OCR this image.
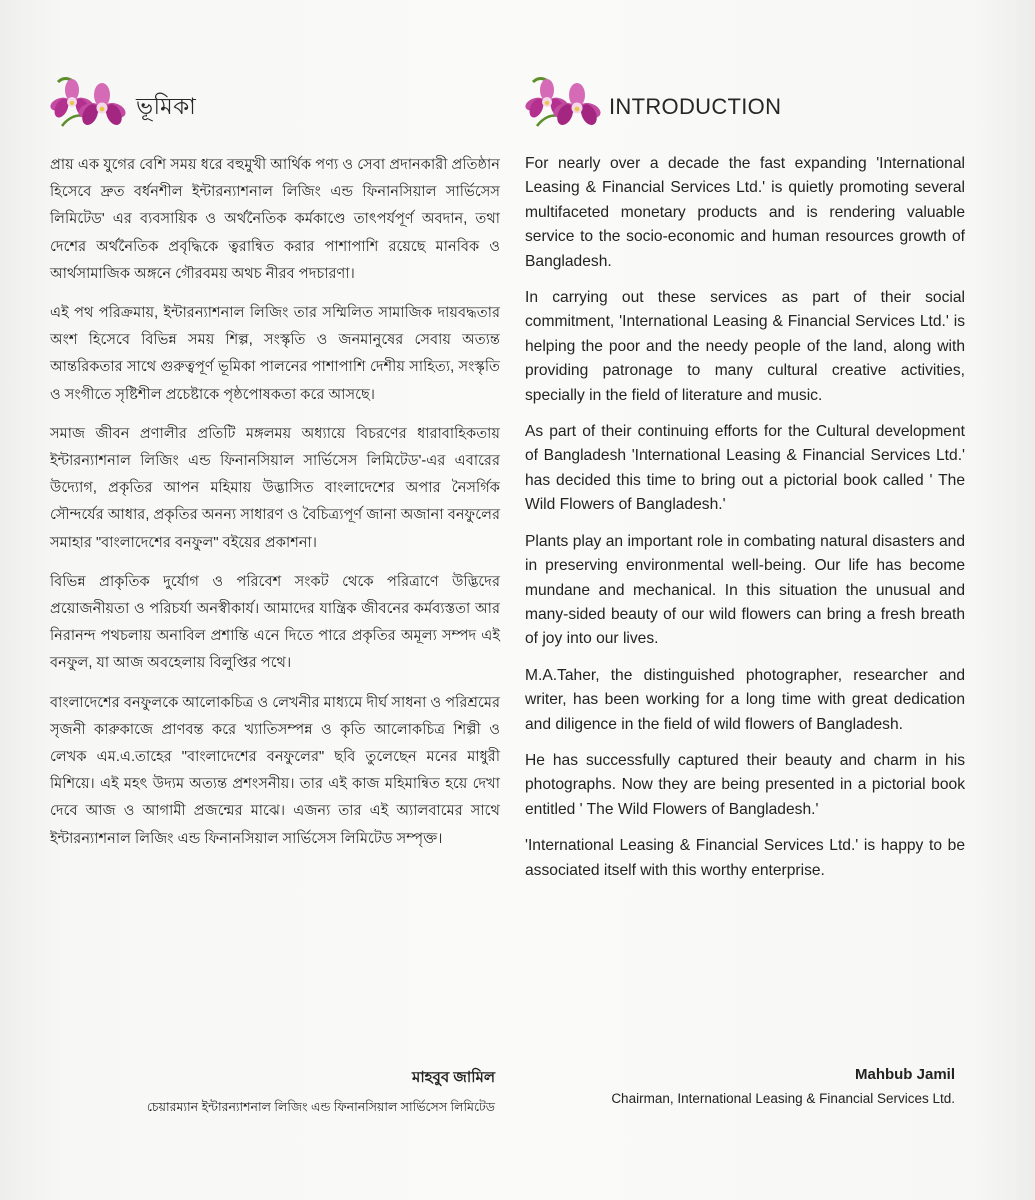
ভূমিকা

প্রায় এক যুগের বেশি সময় ধরে বহুমুখী আর্থিক পণ্য ও সেবা প্রদানকারী প্রতিষ্ঠান হিসেবে দ্রুত বর্ধনশীল ইন্টারন্যাশনাল লিজিং এন্ড ফিনানসিয়াল সার্ভিসেস লিমিটেড' এর ব্যবসায়িক ও অর্থনৈতিক কর্মকাণ্ডে তাৎপর্যপূর্ণ অবদান, তথা দেশের অর্থনৈতিক প্রবৃদ্ধিকে ত্বরান্বিত করার পাশাপাশি রয়েছে মানবিক ও আর্থসামাজিক অঙ্গনে গৌরবময় অথচ নীরব পদচারণা।

এই পথ পরিক্রমায়, ইন্টারন্যাশনাল লিজিং তার সম্মিলিত সামাজিক দায়বদ্ধতার অংশ হিসেবে বিভিন্ন সময় শিল্প, সংস্কৃতি ও জনমানুষের সেবায় অত্যন্ত আন্তরিকতার সাথে গুরুত্বপূর্ণ ভূমিকা পালনের পাশাপাশি দেশীয় সাহিত্য, সংস্কৃতি ও সংগীতে সৃষ্টিশীল প্রচেষ্টাকে পৃষ্ঠপোষকতা করে আসছে।

সমাজ জীবন প্রণালীর প্রতিটি মঙ্গলময় অধ্যায়ে বিচরণের ধারাবাহিকতায় ইন্টারন্যাশনাল লিজিং এন্ড ফিনানসিয়াল সার্ভিসেস লিমিটেড'-এর এবারের উদ্যোগ, প্রকৃতির আপন মহিমায় উদ্ভাসিত বাংলাদেশের অপার নৈসর্গিক সৌন্দর্যের আধার, প্রকৃতির অনন্য সাধারণ ও বৈচিত্র্যপূর্ণ জানা অজানা বনফুলের সমাহার "বাংলাদেশের বনফুল" বইয়ের প্রকাশনা।

বিভিন্ন প্রাকৃতিক দুর্যোগ ও পরিবেশ সংকট থেকে পরিত্রাণে উদ্ভিদের প্রয়োজনীয়তা ও পরিচর্যা অনস্বীকার্য। আমাদের যান্ত্রিক জীবনের কর্মব্যস্ততা আর নিরানন্দ পথচলায় অনাবিল প্রশান্তি এনে দিতে পারে প্রকৃতির অমূল্য সম্পদ এই বনফুল, যা আজ অবহেলায় বিলুপ্তির পথে।

বাংলাদেশের বনফুলকে আলোকচিত্র ও লেখনীর মাধ্যমে দীর্ঘ সাধনা ও পরিশ্রমের সৃজনী কারুকাজে প্রাণবন্ত করে খ্যাতিসম্পন্ন ও কৃতি আলোকচিত্র শিল্পী ও লেখক এম.এ.তাহের "বাংলাদেশের বনফুলের" ছবি তুলেছেন মনের মাধুরী মিশিয়ে। এই মহৎ উদ্যম অত্যন্ত প্রশংসনীয়। তার এই কাজ মহিমান্বিত হয়ে দেখা দেবে আজ ও আগামী প্রজন্মের মাঝে। এজন্য তার এই অ্যালবামের সাথে ইন্টারন্যাশনাল লিজিং এন্ড ফিনানসিয়াল সার্ভিসেস লিমিটেড সম্পৃক্ত।

মাহবুব জামিল
চেয়ারম্যান ইন্টারন্যাশনাল লিজিং এন্ড ফিনানসিয়াল সার্ভিসেস লিমিটেড
INTRODUCTION

For nearly over a decade the fast expanding 'International Leasing & Financial Services Ltd.' is quietly promoting several multifaceted monetary products and is rendering valuable service to the socio-economic and human resources growth of Bangladesh.

In carrying out these services as part of their social commitment, 'International Leasing & Financial Services Ltd.' is helping the poor and the needy people of the land, along with providing patronage to many cultural creative activities, specially in the field of literature and music.

As part of their continuing efforts for the Cultural development of Bangladesh 'International Leasing & Financial Services Ltd.' has decided this time to bring out a pictorial book called ' The Wild Flowers of Bangladesh.'

Plants play an important role in combating natural disasters and in preserving environmental well-being. Our life has become mundane and mechanical. In this situation the unusual and many-sided beauty of our wild flowers can bring a fresh breath of joy into our lives.

M.A.Taher, the distinguished photographer, researcher and writer, has been working for a long time with great dedication and diligence in the field of wild flowers of Bangladesh.

He has successfully captured their beauty and charm in his photographs. Now they are being presented in a pictorial book entitled ' The Wild Flowers of Bangladesh.'

'International Leasing & Financial Services Ltd.' is happy to be associated itself with this worthy enterprise.

Mahbub Jamil
Chairman, International Leasing & Financial Services Ltd.
